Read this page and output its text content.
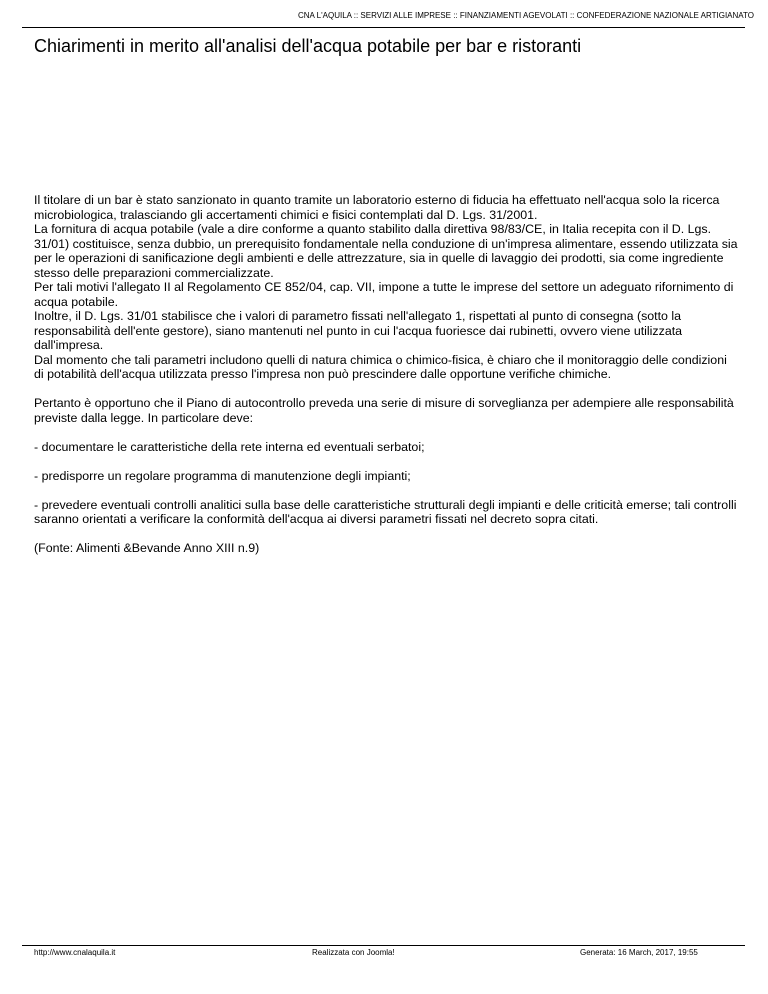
CNA L'AQUILA :: SERVIZI ALLE IMPRESE :: FINANZIAMENTI AGEVOLATI :: CONFEDERAZIONE NAZIONALE ARTIGIANATO
Chiarimenti in merito all'analisi dell'acqua potabile per bar e ristoranti

Il titolare di un bar è stato sanzionato in quanto tramite un laboratorio esterno di fiducia ha effettuato nell'acqua solo la ricerca microbiologica, tralasciando gli accertamenti chimici e fisici contemplati dal D. Lgs. 31/2001.

La fornitura di acqua potabile (vale a dire conforme a quanto stabilito dalla direttiva 98/83/CE, in Italia recepita con il D. Lgs. 31/01) costituisce, senza dubbio, un prerequisito fondamentale nella conduzione di un'impresa alimentare, essendo utilizzata sia per le operazioni di sanificazione degli ambienti e delle attrezzature, sia in quelle di lavaggio dei prodotti, sia come ingrediente stesso delle preparazioni commercializzate.

Per tali motivi l'allegato II al Regolamento CE 852/04, cap. VII, impone a tutte le imprese del settore un adeguato rifornimento di acqua potabile.

Inoltre, il D. Lgs. 31/01 stabilisce che i valori di parametro fissati nell'allegato 1, rispettati al punto di consegna (sotto la responsabilità dell'ente gestore), siano mantenuti nel punto in cui l'acqua fuoriesce dai rubinetti, ovvero viene utilizzata dall'impresa.

Dal momento che tali parametri includono quelli di natura chimica o chimico-fisica, è chiaro che il monitoraggio delle condizioni di potabilità dell'acqua utilizzata presso l'impresa non può prescindere dalle opportune verifiche chimiche.

Pertanto è opportuno che il Piano di autocontrollo preveda una serie di misure di sorveglianza per adempiere alle responsabilità previste dalla legge. In particolare deve:

- documentare le caratteristiche della rete interna ed eventuali serbatoi;

- predisporre un regolare programma di manutenzione degli impianti;

- prevedere eventuali controlli analitici sulla base delle caratteristiche strutturali degli impianti e delle criticità emerse; tali controlli saranno orientati a verificare la conformità dell'acqua ai diversi parametri fissati nel decreto sopra citati.

(Fonte: Alimenti &Bevande Anno XIII n.9)

http://www.cnalaquila.it	Realizzata con Joomla!	Generata: 16 March, 2017, 19:55
